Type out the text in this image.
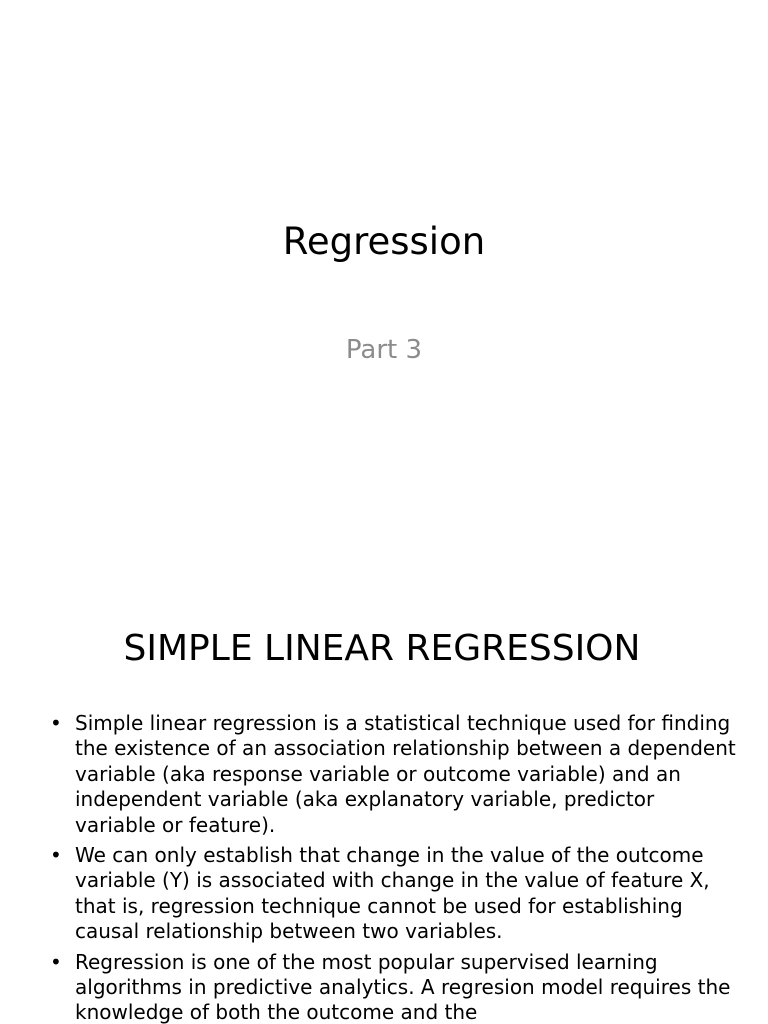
Regression
Part 3
SIMPLE LINEAR REGRESSION
• Simple linear regression is a statistical technique used for finding the existence of an association relationship between a dependent variable (aka response variable or outcome variable) and an independent variable (aka explanatory variable, predictor variable or feature).
• We can only establish that change in the value of the outcome variable (Y) is associated with change in the value of feature X, that is, regression technique cannot be used for establishing causal relationship between two variables.
• Regression is one of the most popular supervised learning algorithms in predictive analytics. A regresion model requires the knowledge of both the outcome and the
